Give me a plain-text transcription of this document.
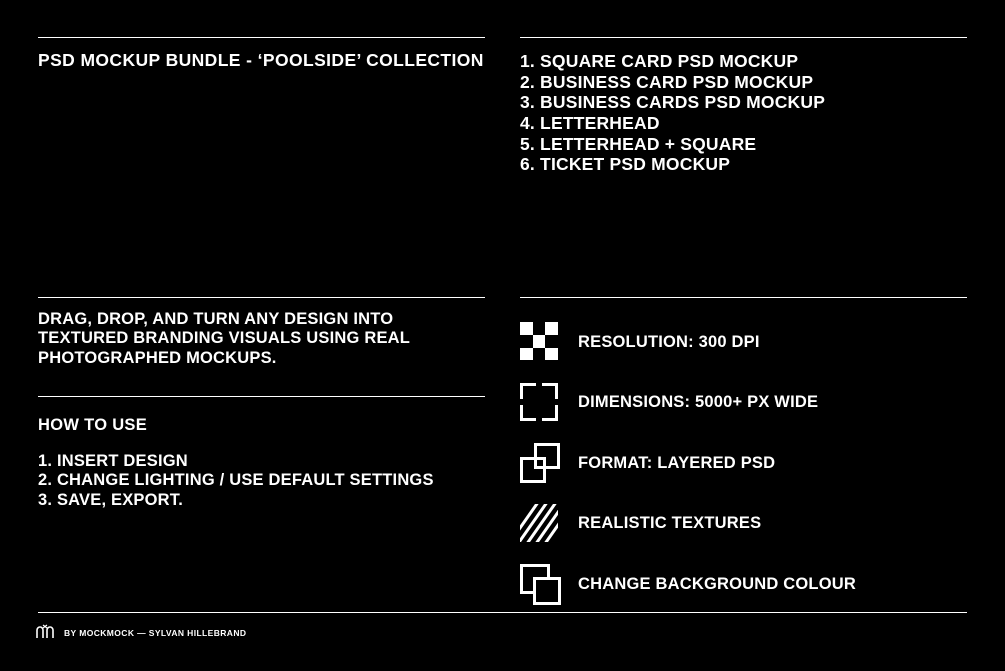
PSD MOCKUP BUNDLE - ‘POOLSIDE’ COLLECTION 1. SQUARE CARD PSD MOCKUP
2. BUSINESS CARD PSD MOCKUP
3. BUSINESS CARDS PSD MOCKUP
4. LETTERHEAD
5. LETTERHEAD + SQUARE
6. TICKET PSD MOCKUP
DRAG, DROP, AND TURN ANY DESIGN INTO TEXTURED BRANDING VISUALS USING REAL PHOTOGRAPHED MOCKUPS.
HOW TO USE
1. INSERT DESIGN
2. CHANGE LIGHTING / USE DEFAULT SETTINGS
3. SAVE, EXPORT.
RESOLUTION: 300 DPI
DIMENSIONS: 5000+ PX WIDE
FORMAT: LAYERED PSD
REALISTIC TEXTURES
CHANGE BACKGROUND COLOUR
BY MOCKMOCK — SYLVAN HILLEBRAND
